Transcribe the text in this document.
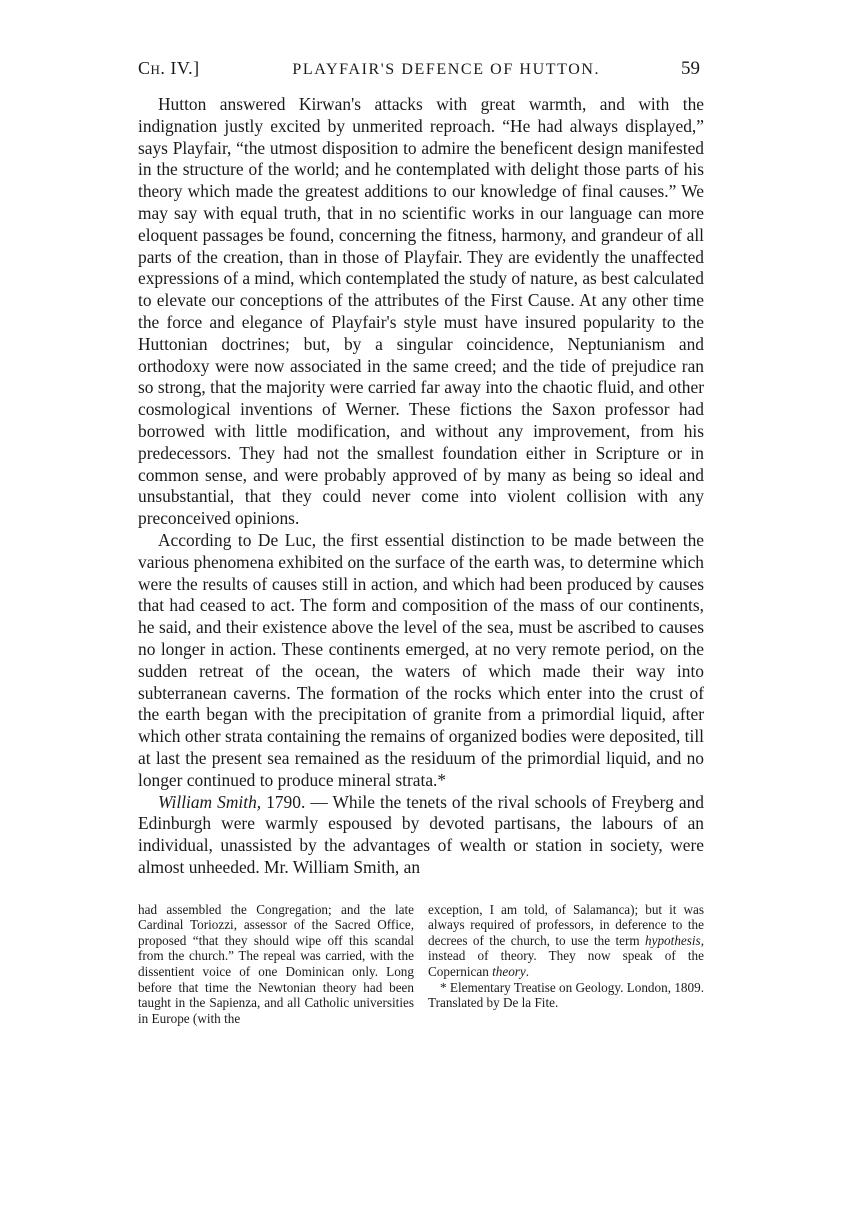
Ch. IV.]	PLAYFAIR'S DEFENCE OF HUTTON.	59

Hutton answered Kirwan's attacks with great warmth, and with the indignation justly excited by unmerited reproach. “He had always displayed,” says Playfair, “the utmost disposition to admire the beneficent design manifested in the structure of the world; and he contemplated with delight those parts of his theory which made the greatest additions to our knowledge of final causes.” We may say with equal truth, that in no scientific works in our language can more eloquent passages be found, concerning the fitness, harmony, and grandeur of all parts of the creation, than in those of Playfair. They are evidently the unaffected expressions of a mind, which contemplated the study of nature, as best calculated to elevate our conceptions of the attributes of the First Cause. At any other time the force and elegance of Playfair's style must have insured popularity to the Huttonian doctrines; but, by a singular coincidence, Neptunianism and orthodoxy were now associated in the same creed; and the tide of prejudice ran so strong, that the majority were carried far away into the chaotic fluid, and other cosmological inventions of Werner. These fictions the Saxon professor had borrowed with little modification, and without any improvement, from his predecessors. They had not the smallest foundation either in Scripture or in common sense, and were probably approved of by many as being so ideal and unsubstantial, that they could never come into violent collision with any preconceived opinions.

According to De Luc, the first essential distinction to be made between the various phenomena exhibited on the surface of the earth was, to determine which were the results of causes still in action, and which had been produced by causes that had ceased to act. The form and composition of the mass of our continents, he said, and their existence above the level of the sea, must be ascribed to causes no longer in action. These continents emerged, at no very remote period, on the sudden retreat of the ocean, the waters of which made their way into subterranean caverns. The formation of the rocks which enter into the crust of the earth began with the precipitation of granite from a primordial liquid, after which other strata containing the remains of organized bodies were deposited, till at last the present sea remained as the residuum of the primordial liquid, and no longer continued to produce mineral strata.*

William Smith, 1790. — While the tenets of the rival schools of Freyberg and Edinburgh were warmly espoused by devoted partisans, the labours of an individual, unassisted by the advantages of wealth or station in society, were almost unheeded. Mr. William Smith, an

had assembled the Congregation; and the late Cardinal Toriozzi, assessor of the Sacred Office, proposed “that they should wipe off this scandal from the church.” The repeal was carried, with the dissentient voice of one Dominican only. Long before that time the Newtonian theory had been taught in the Sapienza, and all Catholic universities in Europe (with the

exception, I am told, of Salamanca); but it was always required of professors, in deference to the decrees of the church, to use the term hypothesis, instead of theory. They now speak of the Copernican theory.

* Elementary Treatise on Geology. London, 1809. Translated by De la Fite.
